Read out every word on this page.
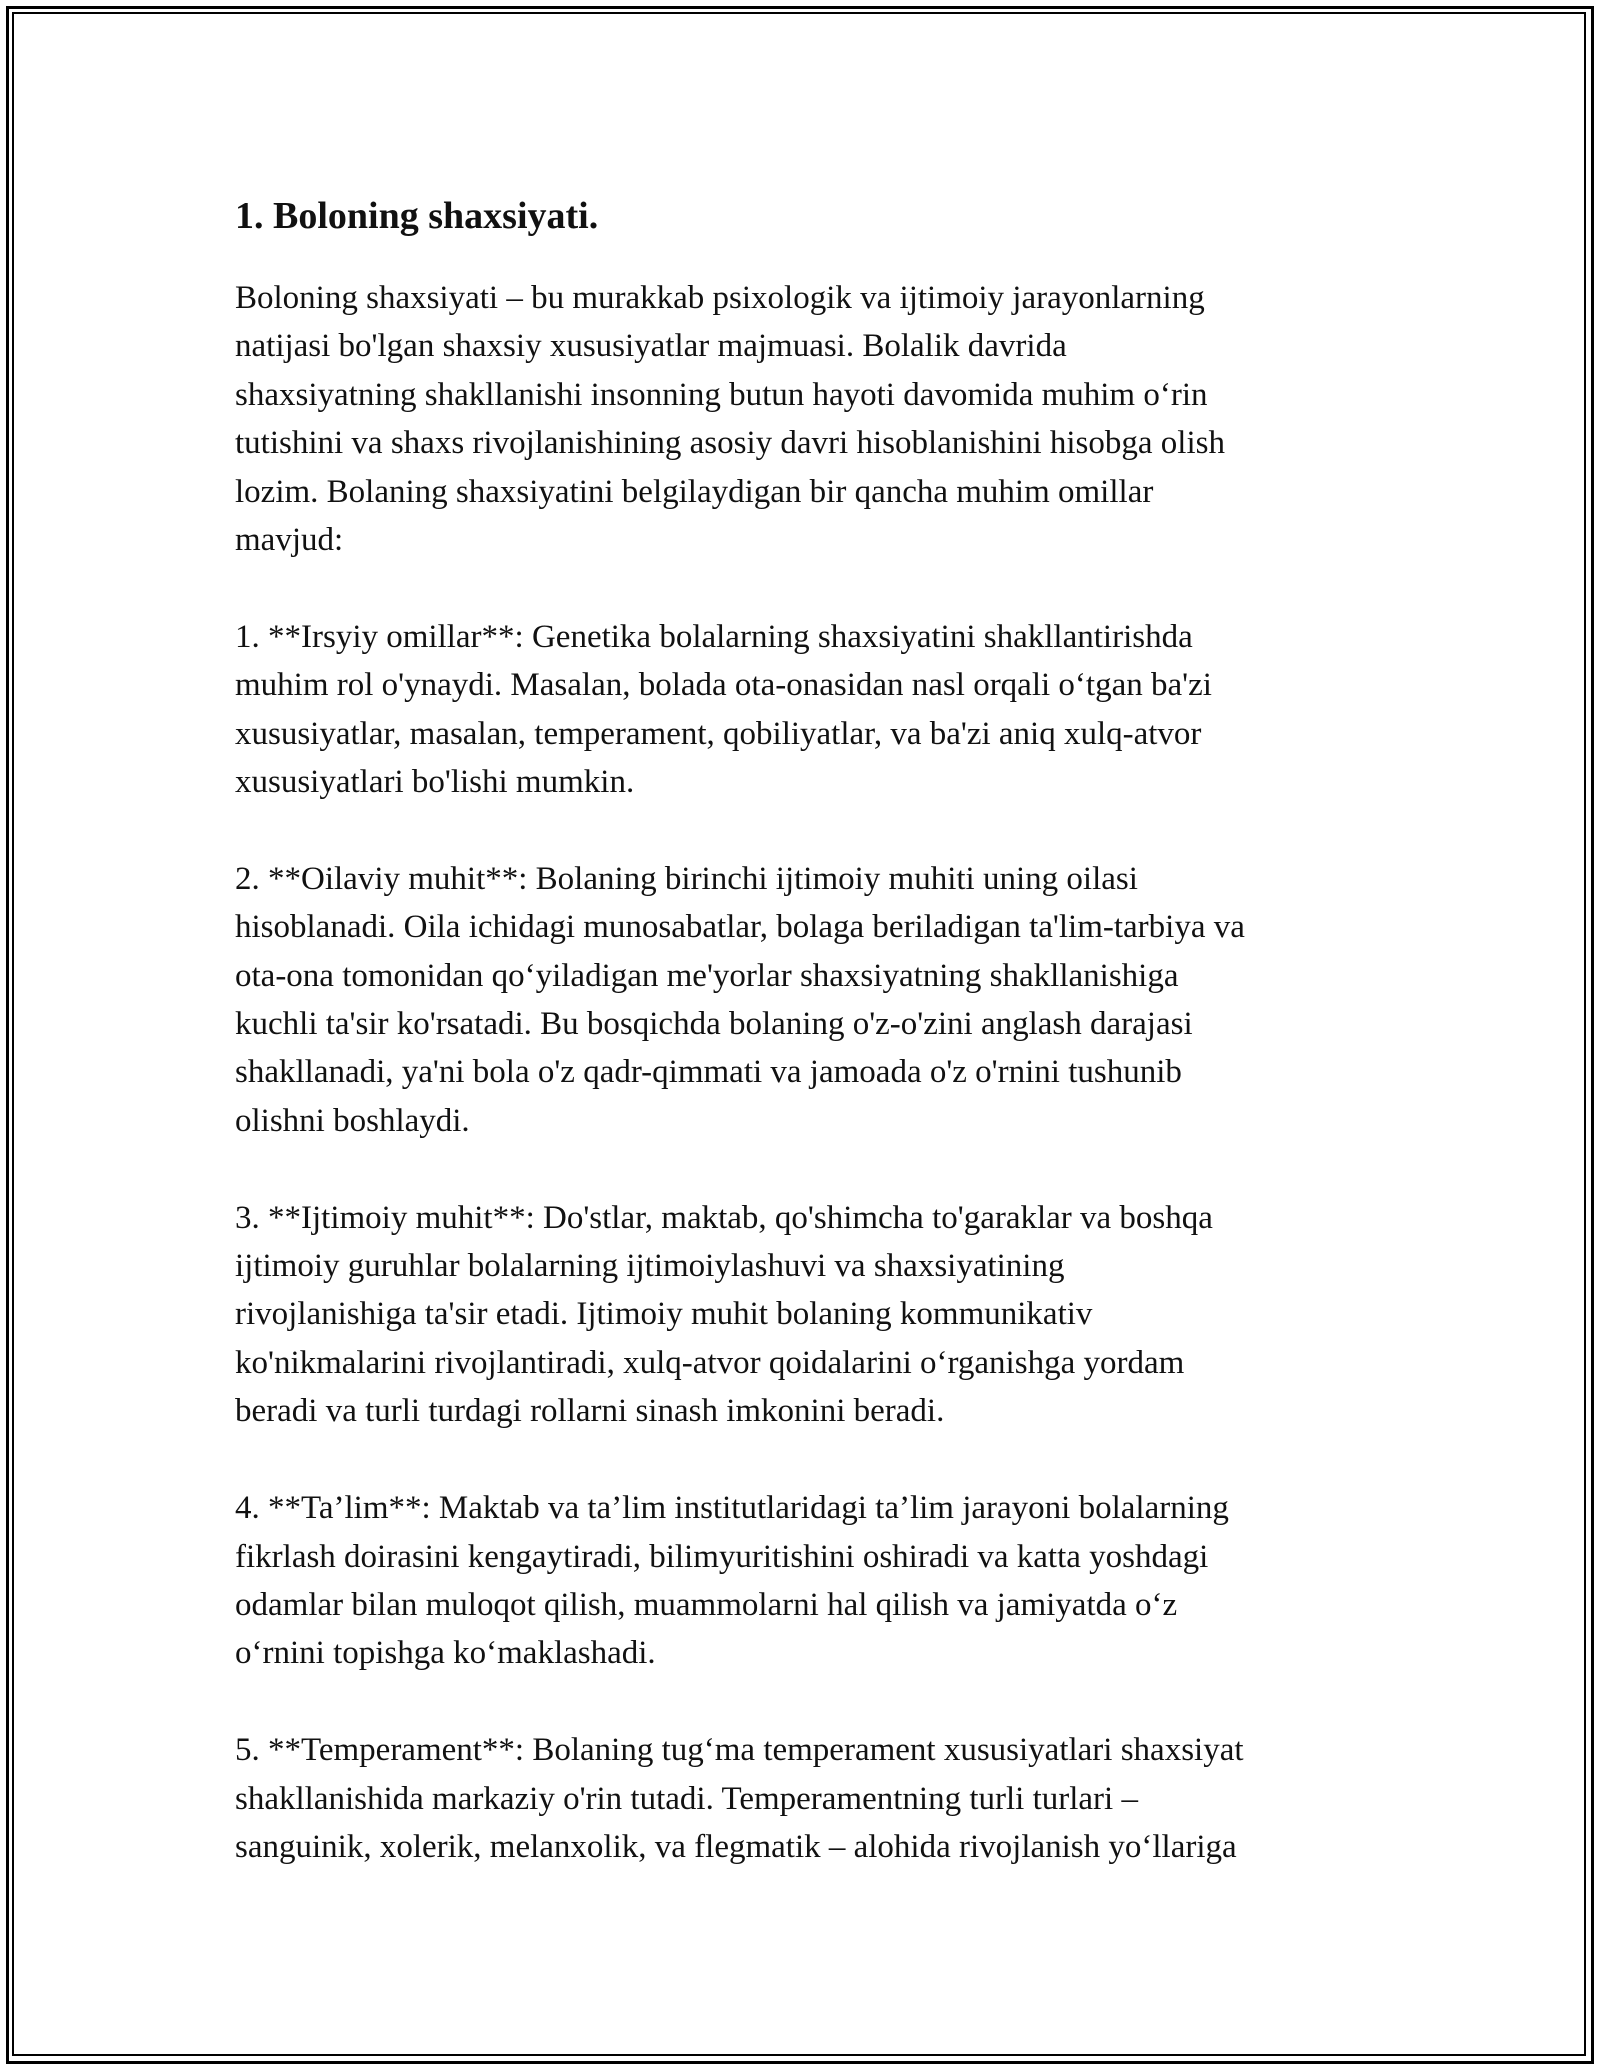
1. Boloning shaxsiyati.

Boloning shaxsiyati – bu murakkab psixologik va ijtimoiy jarayonlarning
natijasi bo'lgan shaxsiy xususiyatlar majmuasi. Bolalik davrida
shaxsiyatning shakllanishi insonning butun hayoti davomida muhim o‘rin
tutishini va shaxs rivojlanishining asosiy davri hisoblanishini hisobga olish
lozim. Bolaning shaxsiyatini belgilaydigan bir qancha muhim omillar
mavjud:

1. **Irsyiy omillar**: Genetika bolalarning shaxsiyatini shakllantirishda
muhim rol o'ynaydi. Masalan, bolada ota-onasidan nasl orqali o‘tgan ba'zi
xususiyatlar, masalan, temperament, qobiliyatlar, va ba'zi aniq xulq-atvor
xususiyatlari bo'lishi mumkin.

2. **Oilaviy muhit**: Bolaning birinchi ijtimoiy muhiti uning oilasi
hisoblanadi. Oila ichidagi munosabatlar, bolaga beriladigan ta'lim-tarbiya va
ota-ona tomonidan qo‘yiladigan me'yorlar shaxsiyatning shakllanishiga
kuchli ta'sir ko'rsatadi. Bu bosqichda bolaning o'z-o'zini anglash darajasi
shakllanadi, ya'ni bola o'z qadr-qimmati va jamoada o'z o'rnini tushunib
olishni boshlaydi.

3. **Ijtimoiy muhit**: Do'stlar, maktab, qo'shimcha to'garaklar va boshqa
ijtimoiy guruhlar bolalarning ijtimoiylashuvi va shaxsiyatining
rivojlanishiga ta'sir etadi. Ijtimoiy muhit bolaning kommunikativ
ko'nikmalarini rivojlantiradi, xulq-atvor qoidalarini o‘rganishga yordam
beradi va turli turdagi rollarni sinash imkonini beradi.

4. **Ta’lim**: Maktab va ta’lim institutlaridagi ta’lim jarayoni bolalarning
fikrlash doirasini kengaytiradi, bilimyuritishini oshiradi va katta yoshdagi
odamlar bilan muloqot qilish, muammolarni hal qilish va jamiyatda o‘z
o‘rnini topishga ko‘maklashadi.

5. **Temperament**: Bolaning tug‘ma temperament xususiyatlari shaxsiyat
shakllanishida markaziy o'rin tutadi. Temperamentning turli turlari –
sanguinik, xolerik, melanxolik, va flegmatik – alohida rivojlanish yo‘llariga
